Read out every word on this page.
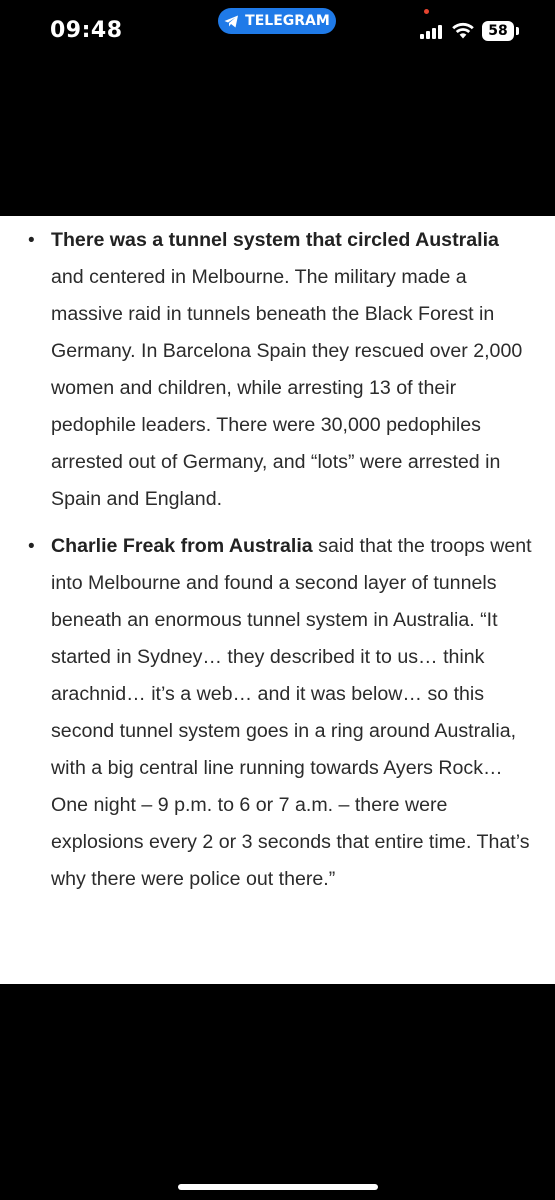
09:48	TELEGRAM
58
• There was a tunnel system that circled Australia and centered in Melbourne. The military made a massive raid in tunnels beneath the Black Forest in Germany. In Barcelona Spain they rescued over 2,000 women and children, while arresting 13 of their pedophile leaders. There were 30,000 pedophiles arrested out of Germany, and “lots” were arrested in Spain and England.
• Charlie Freak from Australia said that the troops went into Melbourne and found a second layer of tunnels beneath an enormous tunnel system in Australia. “It started in Sydney… they described it to us… think arachnid… it’s a web… and it was below… so this second tunnel system goes in a ring around Australia, with a big central line running towards Ayers Rock…One night – 9 p.m. to 6 or 7 a.m. – there were explosions every 2 or 3 seconds that entire time. That’s why there were police out there.”
